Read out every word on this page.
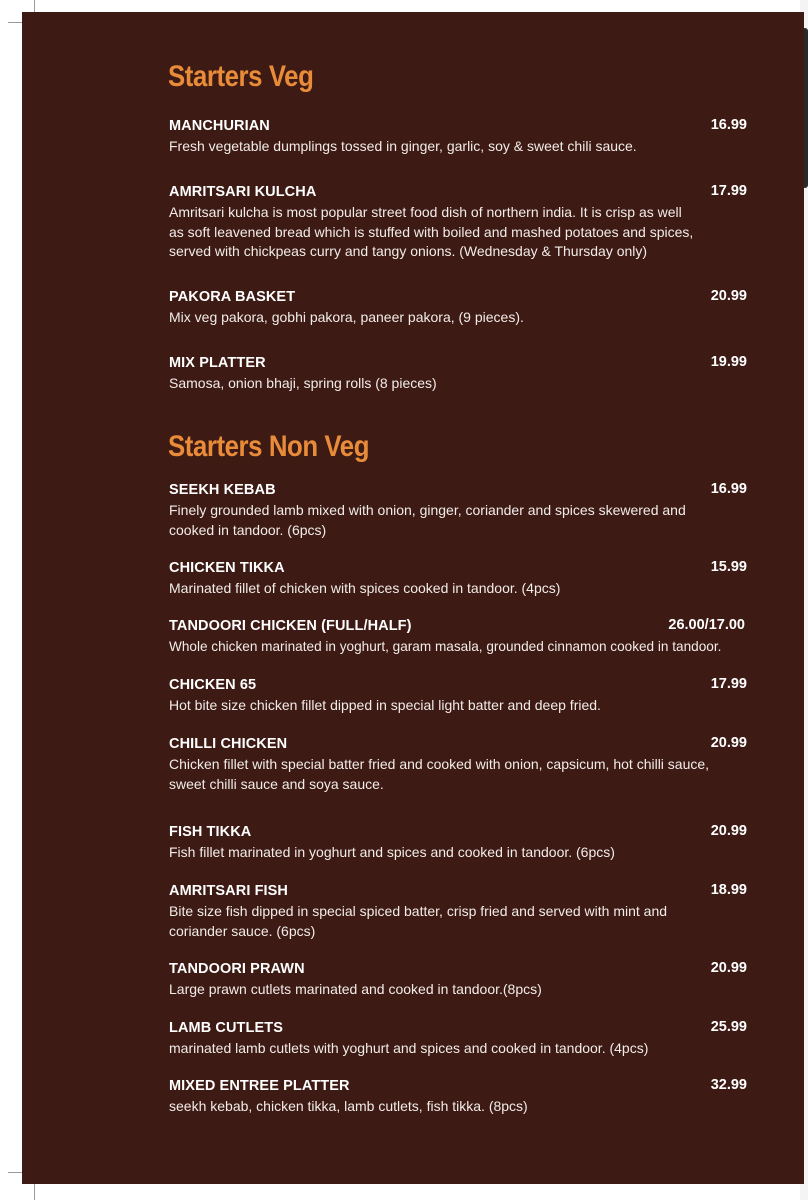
Starters Veg
MANCHURIAN	16.99
Fresh vegetable dumplings tossed in ginger, garlic, soy & sweet chili sauce.
AMRITSARI KULCHA	17.99
Amritsari kulcha is most popular street food dish of northern india. It is crisp as well as soft leavened bread which is stuffed with boiled and mashed potatoes and spices, served with chickpeas curry and tangy onions. (Wednesday & Thursday only)
PAKORA BASKET	20.99
Mix veg pakora, gobhi pakora, paneer pakora, (9 pieces).
MIX PLATTER	19.99
Samosa, onion bhaji, spring rolls (8 pieces)
Starters Non Veg
SEEKH KEBAB	16.99
Finely grounded lamb mixed with onion, ginger, coriander and spices skewered and cooked in tandoor. (6pcs)
CHICKEN TIKKA	15.99
Marinated fillet of chicken with spices cooked in tandoor. (4pcs)
TANDOORI CHICKEN (FULL/HALF)	26.00/17.00
Whole chicken marinated in yoghurt, garam masala, grounded cinnamon cooked in tandoor.
CHICKEN 65	17.99
Hot bite size chicken fillet dipped in special light batter and deep fried.
CHILLI CHICKEN	20.99
Chicken fillet with special batter fried and cooked with onion, capsicum, hot chilli sauce, sweet chilli sauce and soya sauce.
FISH TIKKA	20.99
Fish fillet marinated in yoghurt and spices and cooked in tandoor. (6pcs)
AMRITSARI FISH	18.99
Bite size fish dipped in special spiced batter, crisp fried and served with mint and coriander sauce. (6pcs)
TANDOORI PRAWN	20.99
Large prawn cutlets marinated and cooked in tandoor.(8pcs)
LAMB CUTLETS	25.99
marinated lamb cutlets with yoghurt and spices and cooked in tandoor. (4pcs)
MIXED ENTREE PLATTER	32.99
seekh kebab, chicken tikka, lamb cutlets, fish tikka. (8pcs)
